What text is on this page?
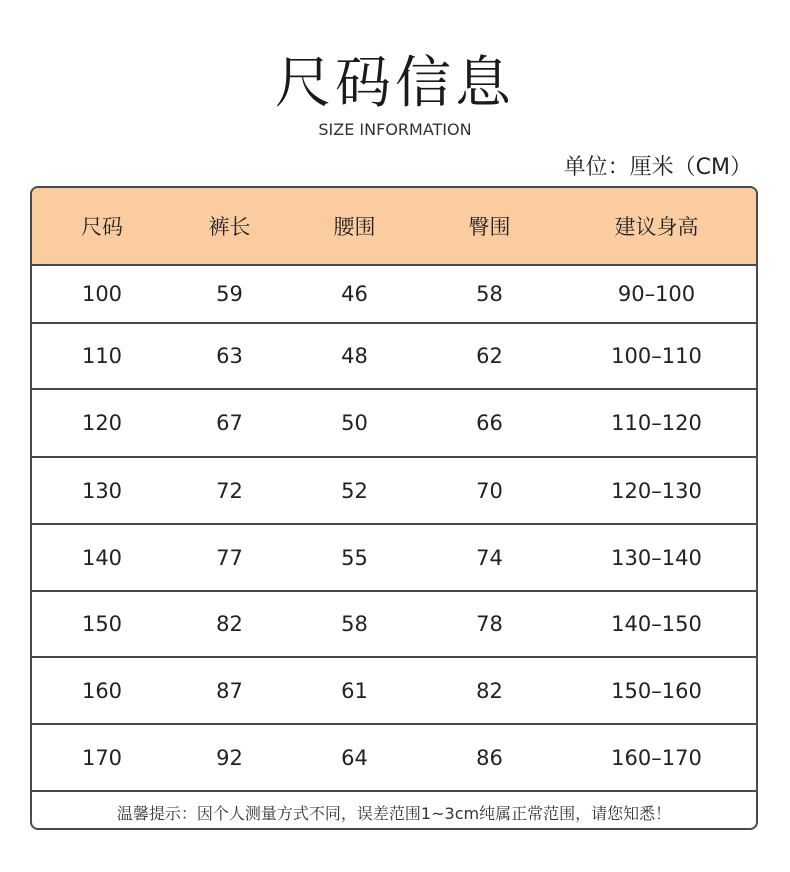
尺码信息
SIZE INFORMATION
单位：厘米（CM）
尺码	裤长	腰围	臀围	建议身高
100	59	46	58	90–100
110	63	48	62	100–110
120	67	50	66	110–120
130	72	52	70	120–130
140	77	55	74	130–140
150	82	58	78	140–150
160	87	61	82	150–160
170	92	64	86	160–170
温馨提示：因个人测量方式不同，误差范围1~3cm纯属正常范围，请您知悉！
